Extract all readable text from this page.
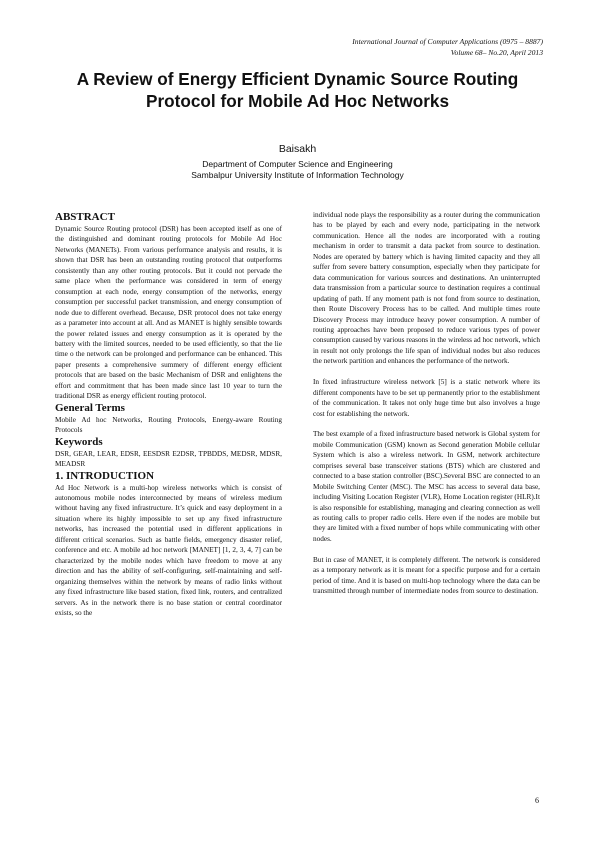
International Journal of Computer Applications (0975 – 8887)
Volume 68– No.20, April 2013
A Review of Energy Efficient Dynamic Source Routing Protocol for Mobile Ad Hoc Networks
Baisakh
Department of Computer Science and Engineering
Sambalpur University Institute of Information Technology
ABSTRACT

Dynamic Source Routing protocol (DSR) has been accepted itself as one of the distinguished and dominant routing protocols for Mobile Ad Hoc Networks (MANETs). From various performance analysis and results, it is shown that DSR has been an outstanding routing protocol that outperforms consistently than any other routing protocols. But it could not pervade the same place when the performance was considered in term of energy consumption at each node, energy consumption of the networks, energy consumption per successful packet transmission, and energy consumption of node due to different overhead. Because, DSR protocol does not take energy as a parameter into account at all. And as MANET is highly sensible towards the power related issues and energy consumption as it is operated by the battery with the limited sources, needed to be used efficiently, so that the lie time o the network can be prolonged and performance can be enhanced. This paper presents a comprehensive summery of different energy efficient protocols that are based on the basic Mechanism of DSR and enlightens the effort and commitment that has been made since last 10 year to turn the traditional DSR as energy efficient routing protocol.

General Terms

Mobile Ad hoc Networks, Routing Protocols, Energy-aware Routing Protocols

Keywords

DSR, GEAR, LEAR, EDSR, EESDSR E2DSR, TPBDDS, MEDSR, MDSR, MEADSR

1. INTRODUCTION

Ad Hoc Network is a multi-hop wireless networks which is consist of autonomous mobile nodes interconnected by means of wireless medium without having any fixed infrastructure. It’s quick and easy deployment in a situation where its highly impossible to set up any fixed infrastructure networks, has increased the potential used in different applications in different critical scenarios. Such as battle fields, emergency disaster relief, conference and etc. A mobile ad hoc network [MANET] [1, 2, 3, 4, 7] can be characterized by the mobile nodes which have freedom to move at any direction and has the ability of self-configuring, self-maintaining and self-organizing themselves within the network by means of radio links without any fixed infrastructure like based station, fixed link, routers, and centralized servers. As in the network there is no base station or central coordinator exists, so the

individual node plays the responsibility as a router during the communication has to be played by each and every node, participating in the network communication. Hence all the nodes are incorporated with a routing mechanism in order to transmit a data packet from source to destination. Nodes are operated by battery which is having limited capacity and they all suffer from severe battery consumption, especially when they participate for data communication for various sources and destinations. An uninterrupted data transmission from a particular source to destination requires a continual updating of path. If any moment path is not fond from source to destination, then Route Discovery Process has to be called. And multiple times route Discovery Process may introduce heavy power consumption. A number of routing approaches have been proposed to reduce various types of power consumption caused by various reasons in the wireless ad hoc network, which in result not only prolongs the life span of individual nodes but also reduces the network partition and enhances the performance of the network.

In fixed infrastructure wireless network [5] is a static network where its different components have to be set up permanently prior to the establishment of the communication. It takes not only huge time but also involves a huge cost for establishing the network.

The best example of a fixed infrastructure based network is Global system for mobile Communication (GSM) known as Second generation Mobile cellular System which is also a wireless network. In GSM, network architecture comprises several base transceiver stations (BTS) which are clustered and connected to a base station controller (BSC).Several BSC are connected to an Mobile Switching Center (MSC). The MSC has access to several data base, including Visiting Location Register (VLR), Home Location register (HLR).It is also responsible for establishing, managing and clearing connection as well as routing calls to proper radio cells. Here even if the nodes are mobile but they are limited with a fixed number of hops while communicating with other nodes.

But in case of MANET, it is completely different. The network is considered as a temporary network as it is meant for a specific purpose and for a certain period of time. And it is based on multi-hop technology where the data can be transmitted through number of intermediate nodes from source to destination.

6
